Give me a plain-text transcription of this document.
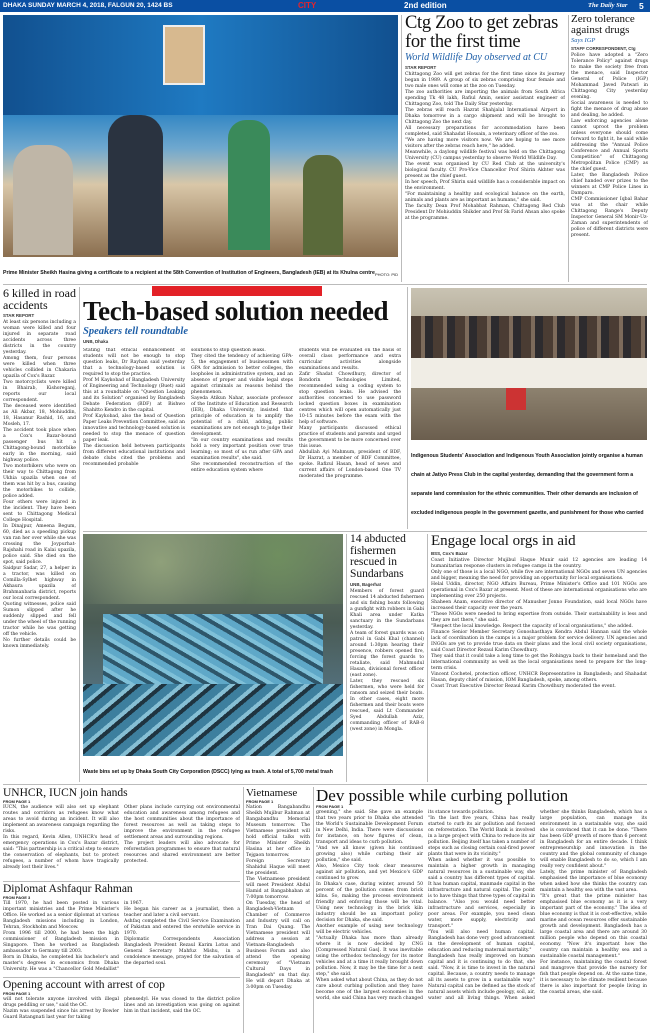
DHAKA SUNDAY MARCH 4, 2018, FALGUN 20, 1424 BS	CITY	2nd edition	The Daily Star 5
Prime Minister Sheikh Hasina giving a certificate to a recipient at the 58th Convention of Institution of Engineers, Bangladesh (IEB) at its Khulna centre PHOTO: PID
Ctg Zoo to get zebras for the first time
World Wildlife Day observed at CU
STAR REPORT
Chittagong Zoo will get zebras for the first time since its journey began in 1989. A group of six zebras comprising four female and two male ones will come at the zoo on Tuesday.
The zoo authorities are importing the animals from South Africa spending Tk 48 lakh, Rafiul Amin, senior assistant engineer of Chittagong Zoo, told The Daily Star yesterday.
The zebras will reach Hazrat Shahjalal International Airport in Dhaka tomorrow in a cargo shipment and will be brought to Chittagong Zoo the next day.
All necessary preparations for accommodation have been completed, said Shahadat Hossain, a veterinary officer of the zoo.
"We are having more visitors now. We are hoping to see more visitors after the zebras reach here," he added.
Meanwhile, a daylong wildlife festival was held on the Chittagong University (CU) campus yesterday to observe World Wildlife Day.
The event was organised by CU Red Club at the university's biological faculty. CU Pro-Vice Chancellor Prof Shirin Akhter was present as the chief guest.
In her speech, Prof Shirin said wildlife has a considerable impact on the environment.
"For maintaining a healthy and ecological balance on the earth, animals and plants are as important as humans," she said.
The faculty Dean Prof Mohabbat Rahman, Chittagong Red Club President Dr Mohiuddin Shikder and Prof Sk Farid Ahsan also spoke at the programme.
Zero tolerance against drugs
Says IGP
STAFF CORRESPONDENT, Ctg
Police have adopted a "Zero Tolerance Policy" against drugs to make the society free from the menace, said Inspector General of Police (IGP) Mohammad Javed Patwari in Chittagong City yesterday evening.
Social awareness is needed to fight the menace of drug abuse and dealing, he added.
Law enforcing agencies alone cannot uproot the problem unless everyone should come forward to fight it, he said while addressing the "Annual Police Conference and Annual Sports Competition" of Chittagong Metropolitan Police (CMP) as the chief guest.
Later, the Bangladesh Police chief handed over prizes to the winners at CMP Police Lines in Damparo.
CMP Commissioner Iqbal Bahar was at the chair while Chittagong Range's Deputy Inspector General SM Monir-Uz-Zaman and superintendents of police of different districts were present.
6 killed in road accidents
STAR REPORT
At least six persons including a woman were killed and four injured in separate road accidents across three districts in the country yesterday.
Among them, four persons were killed when three vehicles collided in Chakaria upazila of Cox's Bazar.
Two motorcyclists were killed in Bhairab, Kishoreganj, reports our local correspondent.
The deceased were identified as Ali Akbar, 18, Mohiuddin, 18, Hasanur Rashid, 16, and Mosleh, 17.
The accident took place when a Cox's Bazar-bound passenger bus hit a Chittagong-bound motorbike early in the morning, said highway police.
Two motorbikers who were on their way to Chittagong from Ukhia upazila when one of them was hit by a bus, causing the motorbikes to collide, police added.
Four others were injured in the incident. They have been sent to Chittagong Medical College Hospital.
In Dinajpur, Ameena Begum, 60, died as a speeding pickup van ran her over while she was crossing the Joypurhat-Rajshahi road in Kalai upazila, police said. She died on the spot, said police.
Saidpur Sadar, 27, a helper in a tractor, was killed on Comilla-Sylhet highway in Akhaura upazila of Brahmanbaria district, reports our local correspondent.
Quoting witnesses, police said Sumon slipped after he suddenly slipped and fell under the wheel of the running tractor while he was getting off the vehicle.
No further details could be known immediately.
Tech-based solution needed
Speakers tell roundtable
UNB, Dhaka
Stating that ethical enhancement of students will not be enough to stop question leaks, Dr Rayhan said yesterday that a technology-based solution is required to stop the practice.
Prof M Kaykobad of Bangladesh University of Engineering and Technology (Buet) said this at a roundtable on "Question Leaking and its Solution" organised by Bangladesh Debate Federation (BDF) at Bishwo Shahitto Kendro in the capital.
Prof Kaykobad, also the head of Question Paper Leaks Prevention Committee, said an innovative and technology-based solution is needed to stop the menace of question paper leak.
The discussion held between participants from different educational institutions and debate clubs cited the problems and recommended probable
solutions to stop question leaks.
They cited the tendency of achieving GPA-5, the engagement of businessmen with GPA for admission to better colleges, the loopholes in administrative system, and an absence of proper and visible legal steps against criminals as reasons behind the phenomenon.
Sayeda Atikun Nahar, associate professor of the Institute of Education and Research (IER), Dhaka University, insisted that principle of education is to amplify the potential of a child, adding, public examinations are not enough to judge their development.
"In our country examinations and results hold a very important position over true learning; so most of us run after GPA and examination results", she said.
She recommended reconstruction of the entire education system where
students will be evaluated on the basis of overall class performance and extra curricular activities alongside examinations and results.
Zafir Shadat Chowdhury, director of Bondorin Technologies Limited, recommended using a coding system to stop question leaks. He advised the authorities concerned to use password locked question boxes in examination centres which will open automatically just 10-15 minutes before the exam with the help of software.
Many participants discussed ethical practice of students and parents and urged the government to be more concerned over this issue.
Abdullah Ayi Mahmum, president of BDF, Dr Hazrat, a member of BDF Committee, spoke. Rafizul Hasan, head of news and current affairs of London-based One TV moderated the programme.
Indigenous Students' Association and Indigenous Youth Association jointly organise a human chain at Jatiyo Press Club in the capital yesterday, demanding that the government form a separate land commission for the ethnic communities. Their other demands are inclusion of excluded indigenous people in the government gazette, and punishment for those who carried
Waste bins set up by Dhaka South City Corporation (DSCC) lying as trash. A total of 5,700 metal trash
14 abducted fishermen rescued in Sundarbans
UNB, Bagerhat
Members of forest guard rescued 14 abducted fishermen and six fishing boats following a gunfight with robbers in Gabi Khali area under Katka sanctuary in the Sundarbans yesterday.
A team of forest guards was on patrol in Gabi Khal (channel) around 1:30pm hearing their presence, robbers opened fire, forcing the forest guards to retaliate, said Mahmudul Hasan, divisional forest officer (east zone).
Later, they rescued six fishermen, who were held for ransom and seized their boats. In other cases, eight more fishermen and their boats were rescued, said Lt Commander Syed Abdullah Aziz, commanding officer of RAB-8 (west zone) in Mongla.
Engage local orgs in aid
BSS, Cox's Bazar
Coast Initiative Director Mujibul Haque Munir said 12 agencies are leading 14 humanitarian response clusters in refugee camps in the country.
Only one of those is a local NGO, while five are international NGOs and seven UN agencies and bigger, meaning the need for providing an opportunity for local organisations.
Helal Uddin, director, NGO Affairs Bureau, Prime Minister's Office and 101 NGOs are operational in Cox's Bazar at present. Most of these are international organisations who are implementing over 250 projects.
Shaheen Anam, executive director of Manusher Jonno Foundation, said local NGOs have increased their capacity over the years.
"These NGOs were needed to bring expertise from outside. Their sustainability is less and they are not there," she said.
"Respect the local knowledge. Respect the capacity of local organisations," she added.
Finance Senior Member Secretary Gonoshasthaya Kendra Abdul Hannan said the whole lack of coordination in the camps is a major problem for service delivery. UN agencies and INGOs are yet to provide true data on their plans and the local civil society organisations, said Coast Director Rezaul Karim Chowdhury.
They said that it could take a long time to get the Rohingya back to their homeland and the international community as well as the local organisations need to prepare for the long-term crisis.
Vincent Cochetel, protection officer, UNHCR Representative in Bangladesh; and Shahadat Hasan, deputy chief of mission, IOM Bangladesh, spoke, among others.
Coast Trust Executive Director Rezaul Karim Chowdhury moderated the event.
UNHCR, IUCN join hands
FROM PAGE 1
IUCN, the audience will also set up elephant routes and corridors as refugees know what areas to avoid during an incident. It will also implement an awareness campaign regarding the risks.
In this regard, Kevin Allen, UNHCR's head of emergency operations in Cox's Bazar district, said: "This partnership is a critical step to ensure the conservation of elephants, but to protect refugees, a number of whom have tragically already lost their lives."
Other plans include carrying out environmental education and awareness among refugees and the host communities about the importance of forest resources as well as taking steps to improve the environment in the refugee settlement areas and surrounding regions.
The project leaders will also advocate for reforestation programmes to ensure that natural resources and shared environment are better protected.
Diplomat Ashfaqur Rahman
FROM PAGE 3
Till 1970, he had been posted in various important ministries and the Prime Minister's Office. He worked as a senior diplomat at various Bangladesh missions including in London, Tehran, Stockholm and Moscow.
From 1996 till 2000, he had been the high commissioner of Bangladesh mission in Singapore. Then he worked as Bangladesh ambassador to Germany till 2003.
Born in Dhaka, he completed his bachelor's and master's degrees in economics from Dhaka University. He was a "Chancellor Gold Medallist" in 1967.
He began his career as a journalist, then a teacher and later a civil servant.
Ashfaq completed the Civil Service Examination of Pakistan and entered the erstwhile service in 1970.
Diplomatic Correspondents Association Bangladesh President Rezaul Karim Lotus and General Secretary Mahfuz Mishu, in a condolence message, prayed for the salvation of the departed soul.
Opening account with arrest of cop
FROM PAGE 1
will not tolerate anyone involved with illegal drugs peddling or use," said the OC.
Nazim was suspended since his arrest by Bowler Guard Ratangnati last year for taking
phensedyl. He was closed to the district police lines and an investigation was going on against him in that incident, said the OC.
Vietnamese
FROM PAGE 1
Nation Bangabandhu Sheikh Mujibur Rahman at Bangabandhu Memorial Museum tomorrow. The Vietnamese president will hold official talks with Prime Minister Sheikh Hasina at her office in Tejgaon tomorrow.
Foreign Secretary Shahidul Haque will meet the president.
The Vietnamese president will meet President Abdul Hamid at Bangabhaban at 7:00pm tomorrow.
On Tuesday, the head of Bangladesh-Vietnam Chamber of Commerce and Industry will call on Tran Dai Quang. The Vietnamese president will address a session at Vietnam-Bangladesh Business Forum and also attend the opening ceremony of "Vietnam Cultural Days in Bangladesh" on that day. He will depart Dhaka at 3:00pm on Tuesday.
Dev possible while curbing pollution
FROM PAGE 1
greening," she said. She gave an example that two years prior to Dhaka she attended the World's Sustainable Development Forum in New Delhi, India. There were discussions for instance, on how figures of clean, transport and ideas to curb pollution.
"And we all know (given his continued growing also) while curbing their air pollution," she said.
Also, Mexico City took clear measures against air pollution, and yet Mexico's GDP continued to grow.
In Dhaka's case, during winter, around 50 percent of the pollution comes from brick kilns. So, making the process environment friendly and enforcing those will be vital. Using new technology in the brick kiln industry should be an important policy decision for Dhaka, she said.
Another example of using new technology will be electric vehicles.
"Actually Dhaka has more than already where it is now decided by CNG [Compressed Natural Gas]. It was inevitable using the orthodox technology for its motor vehicles and at a time it really brought down pollution. Now, it may be the time for a next step," she said.
When asked what about China, as they do not care about curbing pollution and they have become one of the largest economies in the world, she said China has very much changed its stance towards pollution.
"In the last five years, China has really started to curb its air pollution and focused on reforestation. The World Bank is involved in a large project with China to reduce its air pollution. Beijing itself has taken a number of steps such as closing certain coal-fired power plants that were in its vicinity."
When asked whether it was possible to maintain a higher growth in managing natural resources in a sustainable way, she said a country has different types of capital. It has human capital, manmade capital in the infrastructure and natural capital. The point is to have things that three types of capital in balance. "Also you would need better infrastructure and services, especially in poor areas. For example, you need clean water, more supply, electricity and transport."
"You will also need human capital. Bangladesh has done very good advancement in the development of human capital, education and reducing maternal mortality."
Bangladesh has really improved on human capital and it is continuing to do that, she said. "Now, it is time to invest in the natural capital. Because, a country needs to manage all its assets to grow in a sustainable way." Natural capital can be defined as the stock of natural assets which include geology, soil, air, water and all living things. When asked whether she thinks Bangladesh, which has a large population, can manage its environment in a sustainable way, she said she is convinced that it can be done. "There has been GDP growth of more than 6 percent in Bangladesh for an entire decade. I think entrepreneurship and innovation in the country and the global community of change will enable Bangladesh to do so, which I am really very confident about."
Lately, the prime minister of Bangladesh emphasised the importance of blue economy when asked how she thinks the country can maintain a healthy sea with the vast area.
"It's great that the prime minister has emphasised blue economy as it is a very important part of the economy." The idea of blue economy is that it is cost-effective, while marine and ocean resources offer sustainable growth and development. Bangladesh has a large coastal area and there are around 30 million people who depend on this coastal economy. "Now it's important how the country can maintain a healthy sea and a sustainable coastal management."
For instance, maintaining the coastal forest and mangrove that provide the nursery for fish that people depend on. At the same time, it is necessary to be climate resilient because there is also important for people living in the coastal areas, she said.
